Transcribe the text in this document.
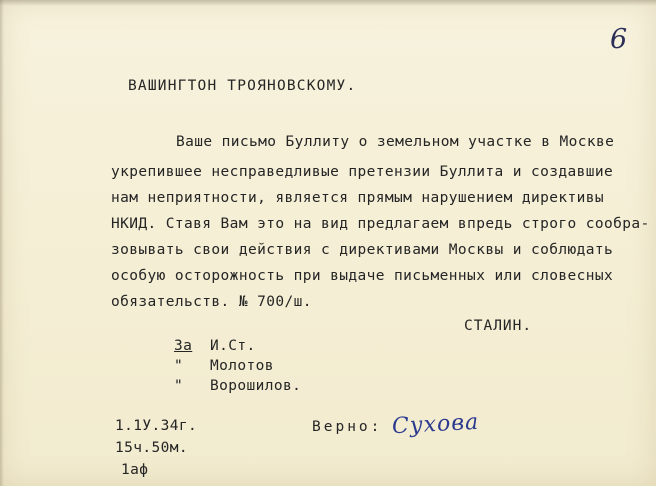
6
ВАШИНГТОН ТРОЯНОВСКОМУ.
Ваше письмо Буллиту о земельном участке в Москве
укрепившее несправедливые претензии Буллита и создавшие
нам неприятности, является прямым нарушением директивы
НКИД. Ставя Вам это на вид предлагаем впредь строго сообра-
зовывать свои действия с директивами Москвы и соблюдать
особую осторожность при выдаче письменных или словесных
обязательств. № 700/ш.
СТАЛИН.
За И.Ст.
" Молотов
" Ворошилов.
1.1У.34г.
15ч.50м.
1аф
Верно: Сухова
